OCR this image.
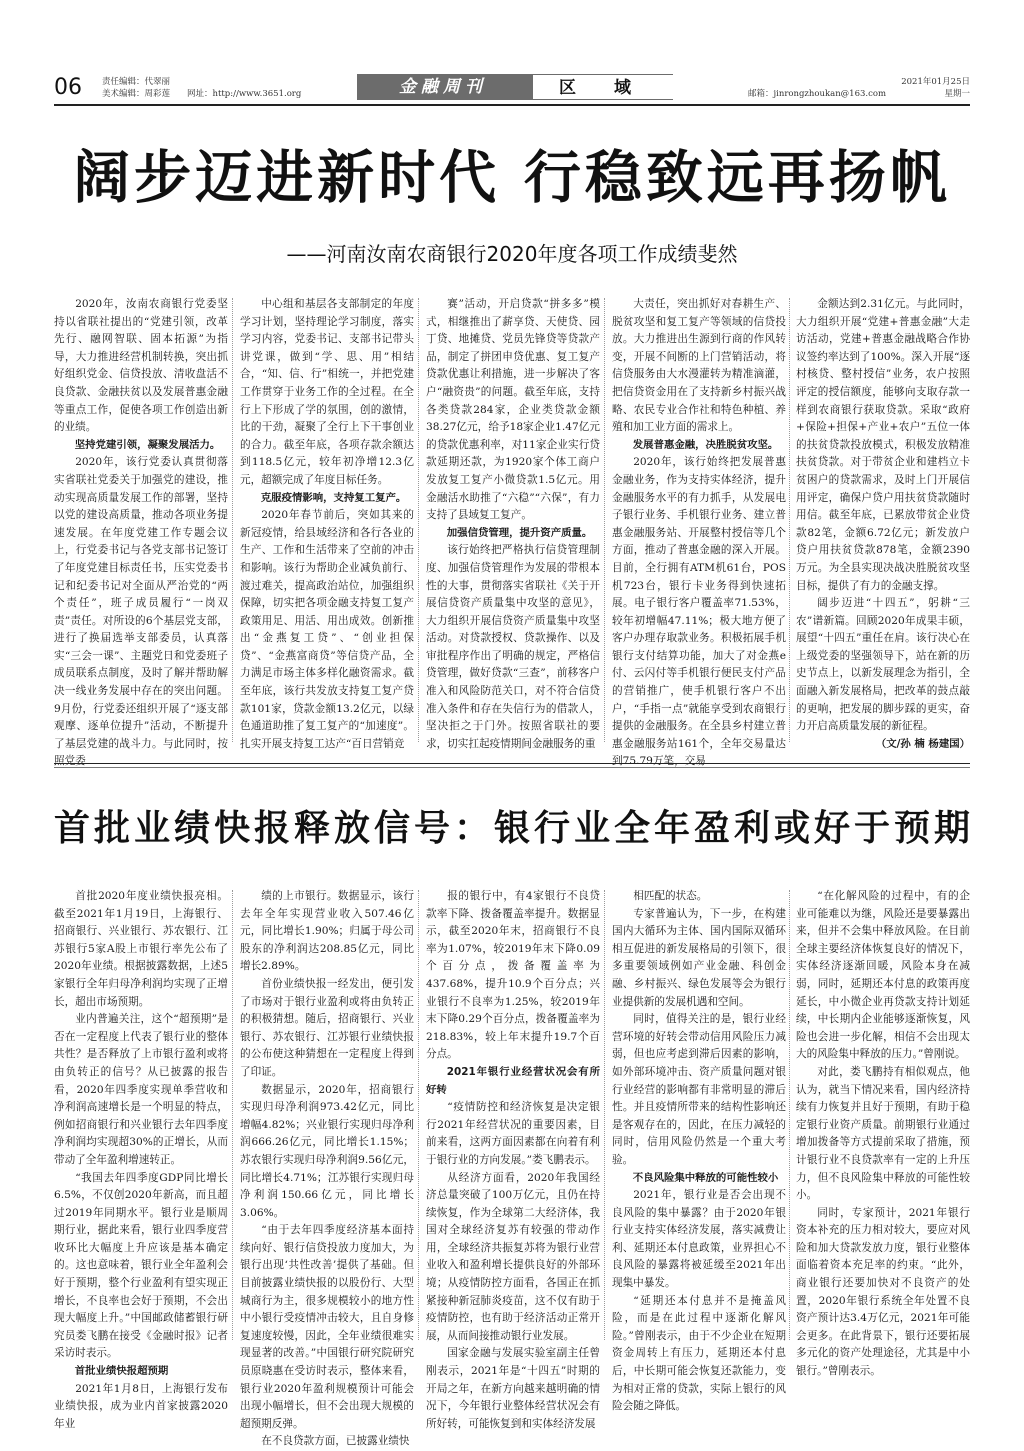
06 责任编辑：代翠丽
美术编辑：周彩莲 网址：http://www.3651.org	金融周刊	区 域	邮箱：jinrongzhoukan@163.com
2021年01月25日
星期一
阔步迈进新时代 行稳致远再扬帆
——河南汝南农商银行2020年度各项工作成绩斐然

2020年，汝南农商银行党委坚持以省联社提出的“党建引领，改革先行、融网智联、固本拓源”为指导，大力推进经营机制转换，突出抓好组织党金、信贷投放、清收盘活不良贷款、金融扶贫以及发展普惠金融等重点工作，促使各项工作创造出新的业绩。

坚持党建引领，凝聚发展活力。

2020年，该行党委认真贯彻落实省联社党委关于加强党的建设，推动实现高质量发展工作的部署，坚持以党的建设高质量，推动各项业务提速发展。在年度党建工作专题会议上，行党委书记与各党支部书记签订了年度党建目标责任书，压实党委书记和纪委书记对全面从严治党的“两个责任”，班子成员履行“一岗双责”责任。对所设的6个基层党支部，进行了换届选举支部委员，认真落实“三会一课”、主题党日和党委班子成员联系点制度，及时了解并帮助解决一线业务发展中存在的突出问题。9月份，行党委还组织开展了“逐支部观摩、逐单位提升”活动，不断提升了基层党建的战斗力。与此同时，按照党委

中心组和基层各支部制定的年度学习计划，坚持理论学习制度，落实学习内容，党委书记、支部书记带头讲党课，做到“学、思、用”相结合，“知、信、行”相统一，并把党建工作贯穿于业务工作的全过程。在全行上下形成了学的氛围，创的激情，比的干劲，凝聚了全行上下干事创业的合力。截至年底，各项存款余额达到118.5亿元，较年初净增12.3亿元，超额完成了年度目标任务。

克服疫情影响，支持复工复产。

2020年春节前后，突如其来的新冠疫情，给县域经济和各行各业的生产、工作和生活带来了空前的冲击和影响。该行为帮助企业减负前行、渡过难关，提高政治站位，加强组织保障，切实把各项金融支持复工复产政策用足、用活、用出成效。创新推出“金燕复工贷”、“创业担保贷”、“金燕富商贷”等信贷产品，全力满足市场主体多样化融资需求。截至年底，该行共发放支持复工复产贷款101家，贷款金额13.2亿元，以绿色通道助推了复工复产的“加速度”。扎实开展支持复工达产“百日营销竞

赛”活动，开启贷款“拼多多”模式，相继推出了薪享贷、天使贷、园丁贷、地摊贷、党员先锋贷等贷款产品，制定了拼团申贷优惠、复工复产贷款优惠让利措施，进一步解决了客户“融资贵”的问题。截至年底，支持各类贷款284家，企业类贷款金额38.27亿元，给予18家企业1.47亿元的贷款优惠利率，对11家企业实行贷款延期还款，为1920家个体工商户发放复工复产小微贷款1.5亿元。用金融活水助推了“六稳”“六保”，有力支持了县域复工复产。

加强信贷管理，提升资产质量。

该行始终把严格执行信贷管理制度、加强信贷管理作为发展的带根本性的大事，贯彻落实省联社《关于开展信贷资产质量集中攻坚的意见》，大力组织开展信贷资产质量集中攻坚活动。对贷款授权、贷款操作、以及审批程序作出了明确的规定，严格信贷管理，做好贷款“三查”，前移客户准入和风险防范关口，对不符合信贷准入条件和存在失信行为的借款人，坚决拒之于门外。按照省联社的要求，切实扛起疫情期间金融服务的重

大责任，突出抓好对春耕生产、脱贫攻坚和复工复产等领域的信贷投放。大力推进出生源到行商的作风转变，开展不间断的上门营销活动，将信贷服务由大水漫灌转为精准滴灌，把信贷资金用在了支持新乡村振兴战略、农民专业合作社和特色种植、养殖和加工业方面的需求上。

发展普惠金融，决胜脱贫攻坚。

2020年，该行始终把发展普惠金融业务，作为支持实体经济，提升金融服务水平的有力抓手，从发展电子银行业务、手机银行业务、建立普惠金融服务站、开展整村授信等几个方面，推动了普惠金融的深入开展。目前，全行拥有ATM机61台，POS机723台，银行卡业务得到快速拓展。电子银行客户覆盖率71.53%，较年初增幅47.11%；极大地方便了客户办理存取款业务。积极拓展手机银行支付结算功能，加大了对金燕e付、云闪付等手机银行便民支付产品的营销推广，使手机银行客户不出户，“手指一点”就能享受到农商银行提供的金融服务。在全县乡村建立普惠金融服务站161个，全年交易量达到75.79万笔，交易

金额达到2.31亿元。与此同时，大力组织开展“党建+普惠金融”大走访活动，党建+普惠金融战略合作协议签约率达到了100%。深入开展“逐村核贷、整村授信”业务，农户按照评定的授信额度，能够向支取存款一样到农商银行获取贷款。采取“政府+保险+担保+产业+农户”五位一体的扶贫贷款投放模式，积极发放精准扶贫贷款。对于带贫企业和建档立卡贫困户的贷款需求，及时上门开展信用评定，确保户贷户用扶贫贷款随时用信。截至年底，已累放带贫企业贷款82笔，金额6.72亿元；新发放户贷户用扶贫贷款878笔，金额2390万元。为全县实现决战决胜脱贫攻坚目标，提供了有力的金融支撑。

阔步迈进“十四五”，躬耕“三农”谱新篇。回顾2020年成果丰硕，展望“十四五”重任在肩。该行决心在上级党委的坚强领导下，站在新的历史节点上，以新发展理念为指引，全面融入新发展格局，把改革的鼓点敲的更响，把发展的脚步踩的更实，奋力开启高质量发展的新征程。

（文/孙 楠 杨建国）

首批业绩快报释放信号：银行业全年盈利或好于预期

首批2020年度业绩快报亮相。截至2021年1月19日，上海银行、招商银行、兴业银行、苏农银行、江苏银行5家A股上市银行率先公布了2020年业绩。根据披露数据，上述5家银行全年归母净利润均实现了正增长，超出市场预期。

业内普遍关注，这个“超预期”是否在一定程度上代表了银行业的整体共性？是否释放了上市银行盈利或将由负转正的信号？从已披露的报告看，2020年四季度实现单季营收和净利润高速增长是一个明显的特点，例如招商银行和兴业银行去年四季度净利润均实现超30%的正增长，从而带动了全年盈利增速转正。

“我国去年四季度GDP同比增长6.5%，不仅创2020年新高，而且超过2019年同期水平。银行业是顺周期行业，据此来看，银行业四季度营收环比大幅度上升应该是基本确定的。这也意味着，银行业全年盈利会好于预期，整个行业盈利有望实现正增长，不良率也会好于预期，不会出现大幅度上升。”中国邮政储蓄银行研究员娄飞鹏在接受《金融时报》记者采访时表示。

首批业绩快报超预期

2021年1月8日，上海银行发布业绩快报，成为业内首家披露2020年业

绩的上市银行。数据显示，该行去年全年实现营业收入507.46亿元，同比增长1.90%；归属于母公司股东的净利润达208.85亿元，同比增长2.89%。

首份业绩快报一经发出，便引发了市场对于银行业盈利或将由负转正的积极猜想。随后，招商银行、兴业银行、苏农银行、江苏银行业绩快报的公布使这种猜想在一定程度上得到了印证。

数据显示，2020年，招商银行实现归母净利润973.42亿元，同比增幅4.82%；兴业银行实现归母净利润666.26亿元，同比增长1.15%；苏农银行实现归母净利润9.56亿元，同比增长4.71%；江苏银行实现归母净利润150.66亿元，同比增长3.06%。

“由于去年四季度经济基本面持续向好、银行信贷投放力度加大，为银行出现‘共性改善’提供了基础。但目前披露业绩快报的以股份行、大型城商行为主，很多规模较小的地方性中小银行受疫情冲击较大，且自身修复速度较慢，因此，全年业绩很难实现显著的改善。”中国银行研究院研究员原晓惠在受访时表示，整体来看，银行业2020年盈利规模预计可能会出现小幅增长，但不会出现大规模的超预期反弹。

在不良贷款方面，已披露业绩快

报的银行中，有4家银行不良贷款率下降、拨备覆盖率提升。数据显示，截至2020年末，招商银行不良率为1.07%，较2019年末下降0.09个百分点，拨备覆盖率为437.68%，提升10.9个百分点；兴业银行不良率为1.25%，较2019年末下降0.29个百分点，拨备覆盖率为218.83%，较上年末提升19.7个百分点。

2021年银行业经营状况会有所好转

“疫情防控和经济恢复是决定银行2021年经营状况的重要因素，目前来看，这两方面因素都在向着有利于银行业的方向发展。”娄飞鹏表示。

从经济方面看，2020年我国经济总量突破了100万亿元，且仍在持续恢复，作为全球第二大经济体，我国对全球经济复苏有较强的带动作用，全球经济共振复苏将为银行业营业收入和盈利增长提供良好的外部环境；从疫情防控方面看，各国正在抓紧接种新冠肺炎疫苗，这不仅有助于疫情防控，也有助于经济活动正常开展，从而间接推动银行业发展。

国家金融与发展实验室副主任曾刚表示，2021年是“十四五”时期的开局之年，在新方向越来越明确的情况下，今年银行业整体经营状况会有所好转，可能恢复到和实体经济发展

相匹配的状态。

专家普遍认为，下一步，在构建国内大循环为主体、国内国际双循环相互促进的新发展格局的引领下，很多重要领域例如产业金融、科创金融、乡村振兴、绿色发展等会为银行业提供新的发展机遇和空间。

同时，值得关注的是，银行业经营环境的好转会带动信用风险压力减弱，但也应考虑到滞后因素的影响，如外部环境冲击、资产质量问题对银行业经营的影响都有非常明显的滞后性。并且疫情所带来的结构性影响还是客观存在的，因此，在压力减轻的同时，信用风险仍然是一个重大考验。

不良风险集中释放的可能性较小

2021年，银行业是否会出现不良风险的集中暴露？由于2020年银行业支持实体经济发展，落实减费让利、延期还本付息政策，业界担心不良风险的暴露将被延缓至2021年出现集中暴发。

“延期还本付息并不是掩盖风险，而是在此过程中逐渐化解风险。”曾刚表示，由于不少企业在短期资金周转上有压力，延期还本付息后，中长期可能会恢复还款能力，变为相对正常的贷款，实际上银行的风险会随之降低。

“在化解风险的过程中，有的企业可能难以为继，风险还是要暴露出来，但并不会集中释放风险。在目前全球主要经济体恢复良好的情况下，实体经济逐渐回暖，风险本身在减弱，同时，延期还本付息的政策再度延长，中小微企业再贷款支持计划延续，中长期内企业能够逐渐恢复，风险也会进一步化解，相信不会出现太大的风险集中释放的压力。”曾刚说。

对此，娄飞鹏持有相似观点，他认为，就当下情况来看，国内经济持续有力恢复并且好于预期，有助于稳定银行业资产质量。前期银行业通过增加拨备等方式提前采取了措施，预计银行业不良贷款率有一定的上升压力，但不良风险集中释放的可能性较小。

同时，专家预计，2021年银行资本补充的压力相对较大，要应对风险和加大贷款发放力度，银行业整体面临着资本充足率的约束。“此外，商业银行还要加快对不良资产的处置，2020年银行系统全年处置不良资产预计达3.4万亿元，2021年可能会更多。在此背景下，银行还要拓展多元化的资产处理途径，尤其是中小银行。”曾刚表示。
